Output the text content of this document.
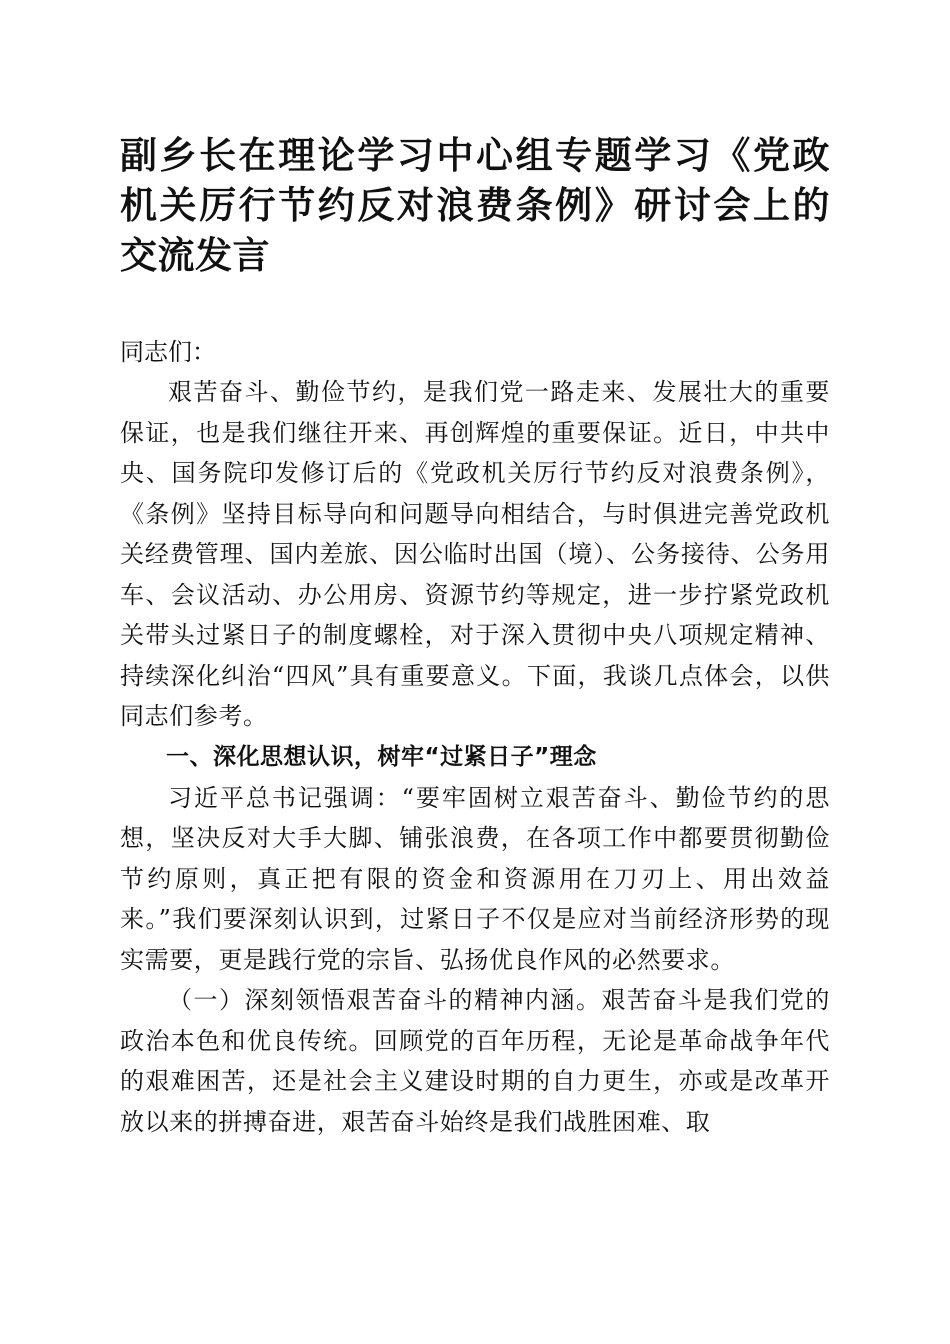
副乡长在理论学习中心组专题学习《党政机关厉行节约反对浪费条例》研讨会上的交流发言

同志们：

艰苦奋斗、勤俭节约，是我们党一路走来、发展壮大的重要保证，也是我们继往开来、再创辉煌的重要保证。近日，中共中央、国务院印发修订后的《党政机关厉行节约反对浪费条例》，《条例》坚持目标导向和问题导向相结合，与时俱进完善党政机关经费管理、国内差旅、因公临时出国（境）、公务接待、公务用车、会议活动、办公用房、资源节约等规定，进一步拧紧党政机关带头过紧日子的制度螺栓，对于深入贯彻中央八项规定精神、持续深化纠治“四风”具有重要意义。下面，我谈几点体会，以供同志们参考。

一、深化思想认识，树牢“过紧日子”理念

习近平总书记强调：“要牢固树立艰苦奋斗、勤俭节约的思想，坚决反对大手大脚、铺张浪费，在各项工作中都要贯彻勤俭节约原则，真正把有限的资金和资源用在刀刃上、用出效益来。”我们要深刻认识到，过紧日子不仅是应对当前经济形势的现实需要，更是践行党的宗旨、弘扬优良作风的必然要求。

（一）深刻领悟艰苦奋斗的精神内涵。艰苦奋斗是我们党的政治本色和优良传统。回顾党的百年历程，无论是革命战争年代的艰难困苦，还是社会主义建设时期的自力更生，亦或是改革开放以来的拼搏奋进，艰苦奋斗始终是我们战胜困难、取
